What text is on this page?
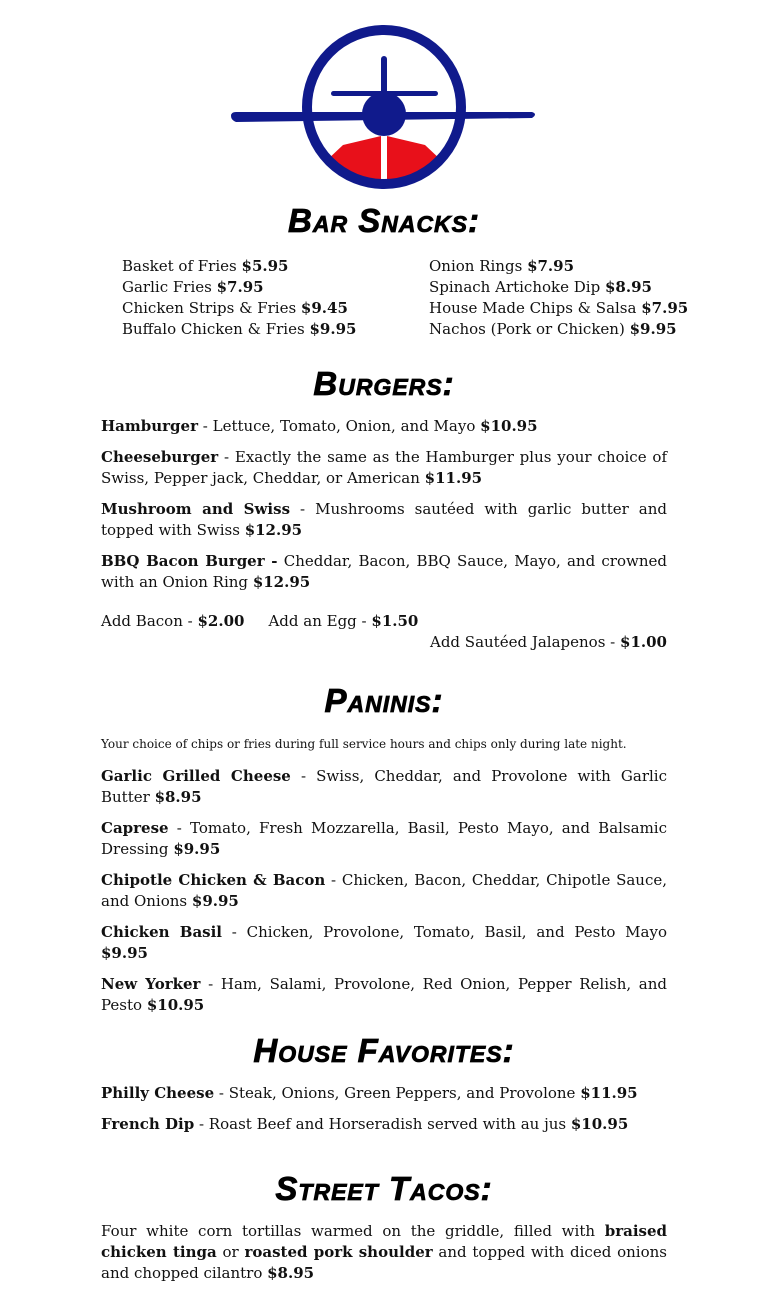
Bar Snacks:
Basket of Fries $5.95
Garlic Fries $7.95
Chicken Strips & Fries $9.45
Buffalo Chicken & Fries $9.95
Onion Rings $7.95
Spinach Artichoke Dip $8.95
House Made Chips & Salsa $7.95
Nachos (Pork or Chicken) $9.95
Burgers:
Hamburger - Lettuce, Tomato, Onion, and Mayo $10.95
Cheeseburger - Exactly the same as the Hamburger plus your choice of Swiss, Pepper jack, Cheddar, or American $11.95
Mushroom and Swiss - Mushrooms sautéed with garlic butter and topped with Swiss $12.95
BBQ Bacon Burger - Cheddar, Bacon, BBQ Sauce, Mayo, and crowned with an Onion Ring $12.95
Add Bacon - $2.00 Add an Egg - $1.50
Add Sautéed Jalapenos - $1.00
Paninis:
Your choice of chips or fries during full service hours and chips only during late night.
Garlic Grilled Cheese - Swiss, Cheddar, and Provolone with Garlic Butter $8.95
Caprese - Tomato, Fresh Mozzarella, Basil, Pesto Mayo, and Balsamic Dressing $9.95
Chipotle Chicken & Bacon - Chicken, Bacon, Cheddar, Chipotle Sauce, and Onions $9.95
Chicken Basil - Chicken, Provolone, Tomato, Basil, and Pesto Mayo $9.95
New Yorker - Ham, Salami, Provolone, Red Onion, Pepper Relish, and Pesto $10.95
House Favorites:
Philly Cheese - Steak, Onions, Green Peppers, and Provolone $11.95
French Dip - Roast Beef and Horseradish served with au jus $10.95
Street Tacos:
Four white corn tortillas warmed on the griddle, filled with braised chicken tinga or roasted pork shoulder and topped with diced onions and chopped cilantro $8.95
